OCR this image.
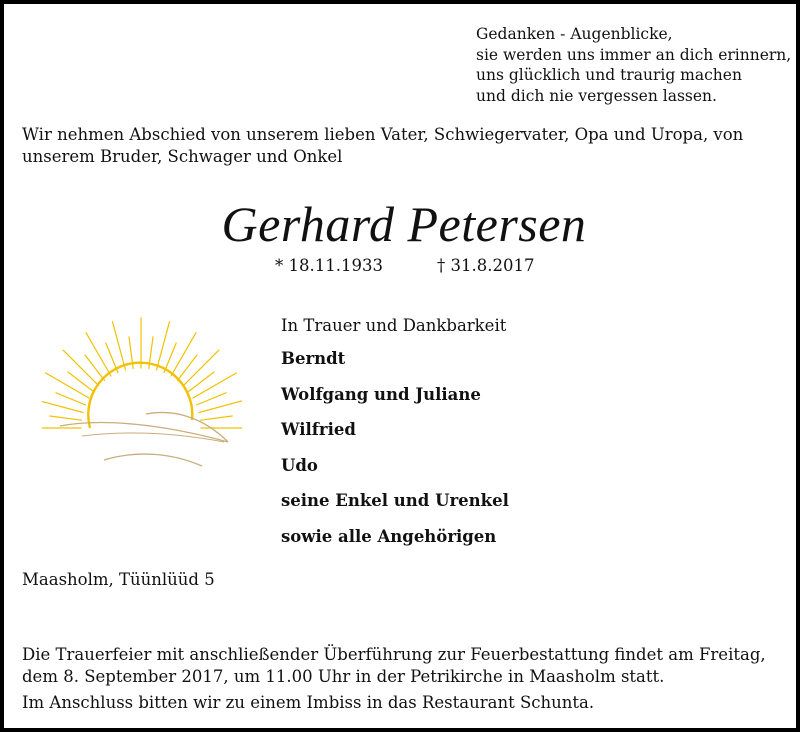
Gedanken - Augenblicke,
sie werden uns immer an dich erinnern,
uns glücklich und traurig machen
und dich nie vergessen lassen.
Wir nehmen Abschied von unserem lieben Vater, Schwiegervater, Opa und Uropa, von unserem Bruder, Schwager und Onkel
Gerhard Petersen
* 18.11.1933	† 31.8.2017
In Trauer und Dankbarkeit
Berndt
Wolfgang und Juliane
Wilfried
Udo
seine Enkel und Urenkel
sowie alle Angehörigen
Maasholm, Tüünlüüd 5
Die Trauerfeier mit anschließender Überführung zur Feuerbestattung findet am Freitag, dem 8. September 2017, um 11.00 Uhr in der Petrikirche in Maasholm statt.
Im Anschluss bitten wir zu einem Imbiss in das Restaurant Schunta.
